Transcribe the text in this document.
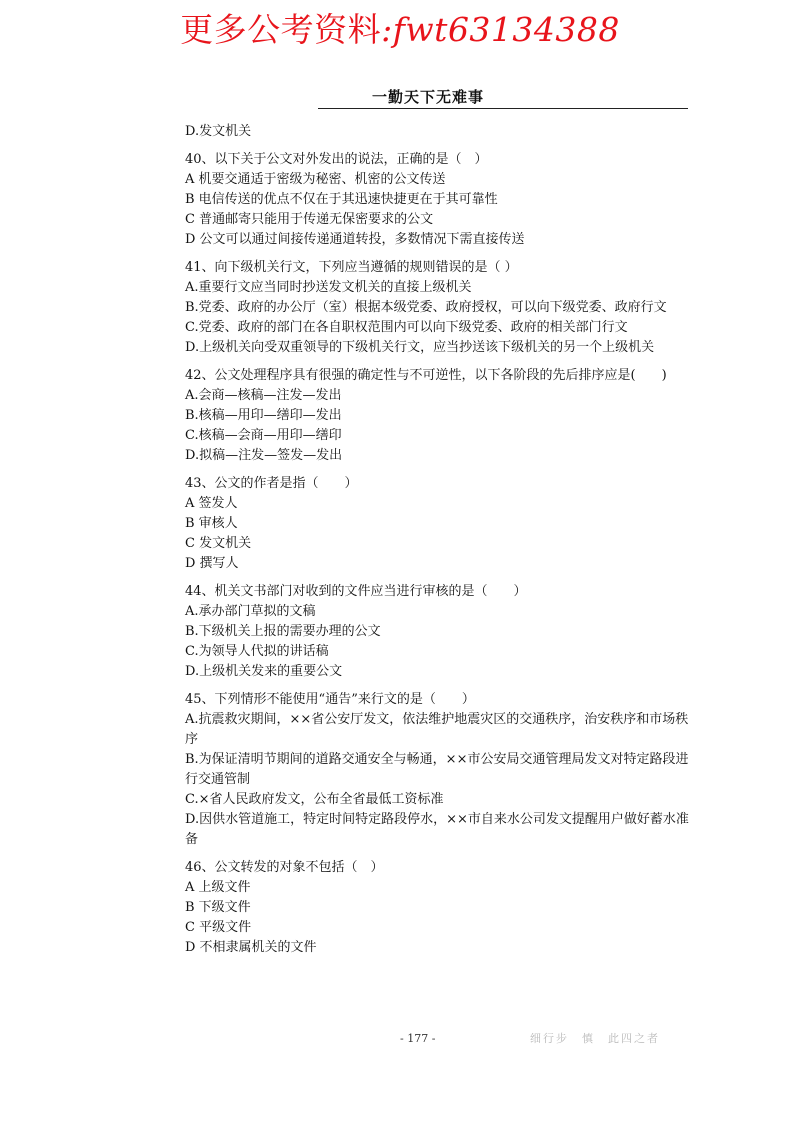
更多公考资料:fwt63134388
一勤天下无难事

D.发文机关

40、以下关于公文对外发出的说法，正确的是（　）

A 机要交通适于密级为秘密、机密的公文传送

B 电信传送的优点不仅在于其迅速快捷更在于其可靠性

C 普通邮寄只能用于传递无保密要求的公文

D 公文可以通过间接传递通道转投，多数情况下需直接传送

41、向下级机关行文，下列应当遵循的规则错误的是（ ）

A.重要行文应当同时抄送发文机关的直接上级机关

B.党委、政府的办公厅（室）根据本级党委、政府授权，可以向下级党委、政府行文

C.党委、政府的部门在各自职权范围内可以向下级党委、政府的相关部门行文

D.上级机关向受双重领导的下级机关行文，应当抄送该下级机关的另一个上级机关

42、公文处理程序具有很强的确定性与不可逆性，以下各阶段的先后排序应是(　　)

A.会商—核稿—注发—发出

B.核稿—用印—缮印—发出

C.核稿—会商—用印—缮印

D.拟稿—注发—签发—发出

43、公文的作者是指（　　）

A 签发人

B 审核人

C 发文机关

D 撰写人

44、机关文书部门对收到的文件应当进行审核的是（　　）

A.承办部门草拟的文稿

B.下级机关上报的需要办理的公文

C.为领导人代拟的讲话稿

D.上级机关发来的重要公文

45、下列情形不能使用“通告”来行文的是（　　）

A.抗震救灾期间，××省公安厅发文，依法维护地震灾区的交通秩序，治安秩序和市场秩序

B.为保证清明节期间的道路交通安全与畅通，××市公安局交通管理局发文对特定路段进行交通管制

C.×省人民政府发文，公布全省最低工资标准

D.因供水管道施工，特定时间特定路段停水，××市自来水公司发文提醒用户做好蓄水准备

46、公文转发的对象不包括（　）

A 上级文件

B 下级文件

C 平级文件

D 不相隶属机关的文件

- 177 -	细行步　慎　此四之者
